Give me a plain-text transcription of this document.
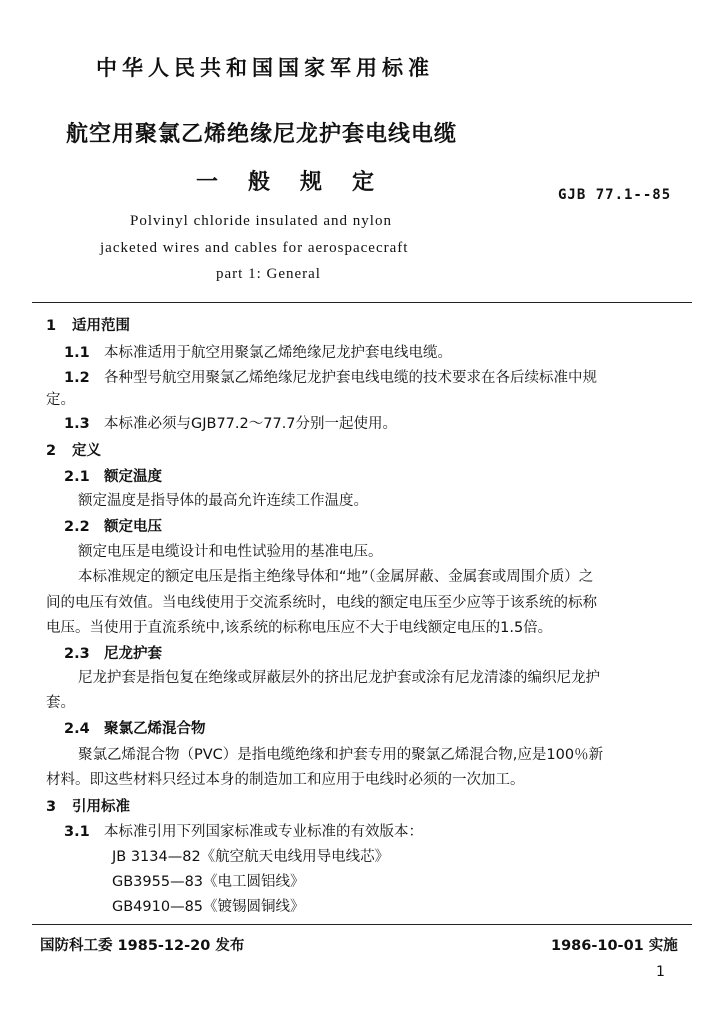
中华人民共和国国家军用标准
航空用聚氯乙烯绝缘尼龙护套电线电缆
一般规定	GJB 77.1--85
Polvinyl chloride insulated and nylon
jacketed wires and cables for aerospacecraft
part 1: General
1 适用范围
1.1 本标准适用于航空用聚氯乙烯绝缘尼龙护套电线电缆。
1.2 各种型号航空用聚氯乙烯绝缘尼龙护套电线电缆的技术要求在各后续标准中规
定。
1.3 本标准必须与GJB77.2～77.7分别一起使用。
2 定义
2.1 额定温度
额定温度是指导体的最高允许连续工作温度。
2.2 额定电压
额定电压是电缆设计和电性试验用的基准电压。
本标准规定的额定电压是指主绝缘导体和“地”（金属屏蔽、金属套或周围介质）之
间的电压有效值。当电线使用于交流系统时，电线的额定电压至少应等于该系统的标称
电压。当使用于直流系统中,该系统的标称电压应不大于电线额定电压的1.5倍。
2.3 尼龙护套
尼龙护套是指包复在绝缘或屏蔽层外的挤出尼龙护套或涂有尼龙清漆的编织尼龙护
套。
2.4 聚氯乙烯混合物
聚氯乙烯混合物（PVC）是指电缆绝缘和护套专用的聚氯乙烯混合物,应是100％新
材料。即这些材料只经过本身的制造加工和应用于电线时必须的一次加工。
3 引用标准
3.1 本标准引用下列国家标准或专业标准的有效版本：
JB 3134—82《航空航天电线用导电线芯》
GB3955—83《电工圆铝线》
GB4910—85《镀锡圆铜线》
国防科工委 1985-12-20 发布	1986-10-01 实施
1
